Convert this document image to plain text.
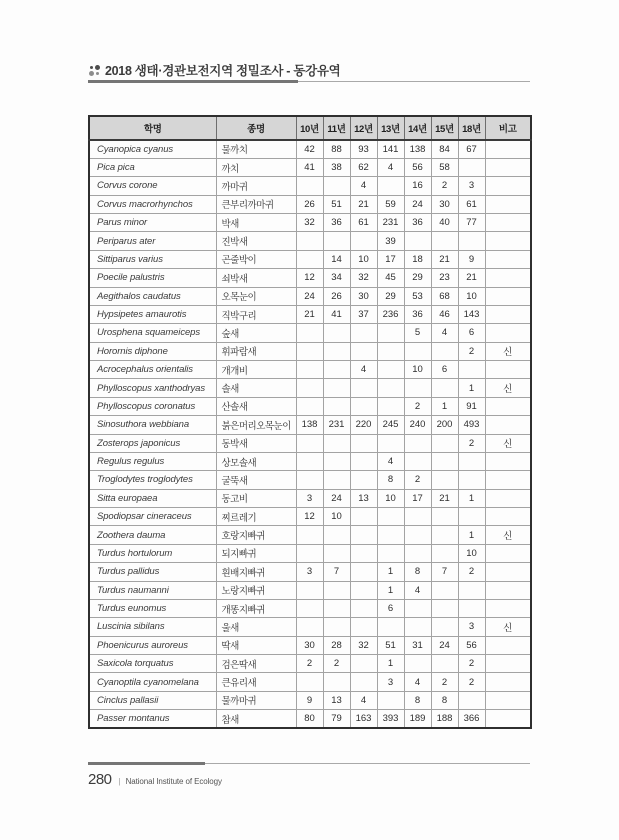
2018 생태·경관보전지역 정밀조사 - 동강유역
학명	종명	10년	11년	12년	13년	14년	15년	18년	비고
Cyanopica cyanus	물까치	42	88	93	141	138	84	67	
Pica pica	까치	41	38	62	4	56	58		
Corvus corone	까마귀			4		16	2	3	
Corvus macrorhynchos	큰부리까마귀	26	51	21	59	24	30	61	
Parus minor	박새	32	36	61	231	36	40	77	
Periparus ater	진박새				39				
Sittiparus varius	곤줄박이		14	10	17	18	21	9	
Poecile palustris	쇠박새	12	34	32	45	29	23	21	
Aegithalos caudatus	오목눈이	24	26	30	29	53	68	10	
Hypsipetes amaurotis	직박구리	21	41	37	236	36	46	143	
Urosphena squameiceps	숲새					5	4	6	
Horornis diphone	휘파람새							2	신
Acrocephalus orientalis	개개비			4		10	6		
Phylloscopus xanthodryas	솔새							1	신
Phylloscopus coronatus	산솔새					2	1	91	
Sinosuthora webbiana	붉은머리오목눈이	138	231	220	245	240	200	493	
Zosterops japonicus	동박새							2	신
Regulus regulus	상모솔새				4				
Troglodytes troglodytes	굴뚝새				8	2			
Sitta europaea	동고비	3	24	13	10	17	21	1	
Spodiopsar cineraceus	찌르레기	12	10						
Zoothera dauma	호랑지빠귀							1	신
Turdus hortulorum	되지빠귀							10	
Turdus pallidus	흰배지빠귀	3	7		1	8	7	2	
Turdus naumanni	노랑지빠귀				1	4			
Turdus eunomus	개똥지빠귀				6				
Luscinia sibilans	울새							3	신
Phoenicurus auroreus	딱새	30	28	32	51	31	24	56	
Saxicola torquatus	검은딱새	2	2		1			2	
Cyanoptila cyanomelana	큰유리새				3	4	2	2	
Cinclus pallasii	물까마귀	9	13	4		8	8		
Passer montanus	참새	80	79	163	393	189	188	366	
280 | National Institute of Ecology
